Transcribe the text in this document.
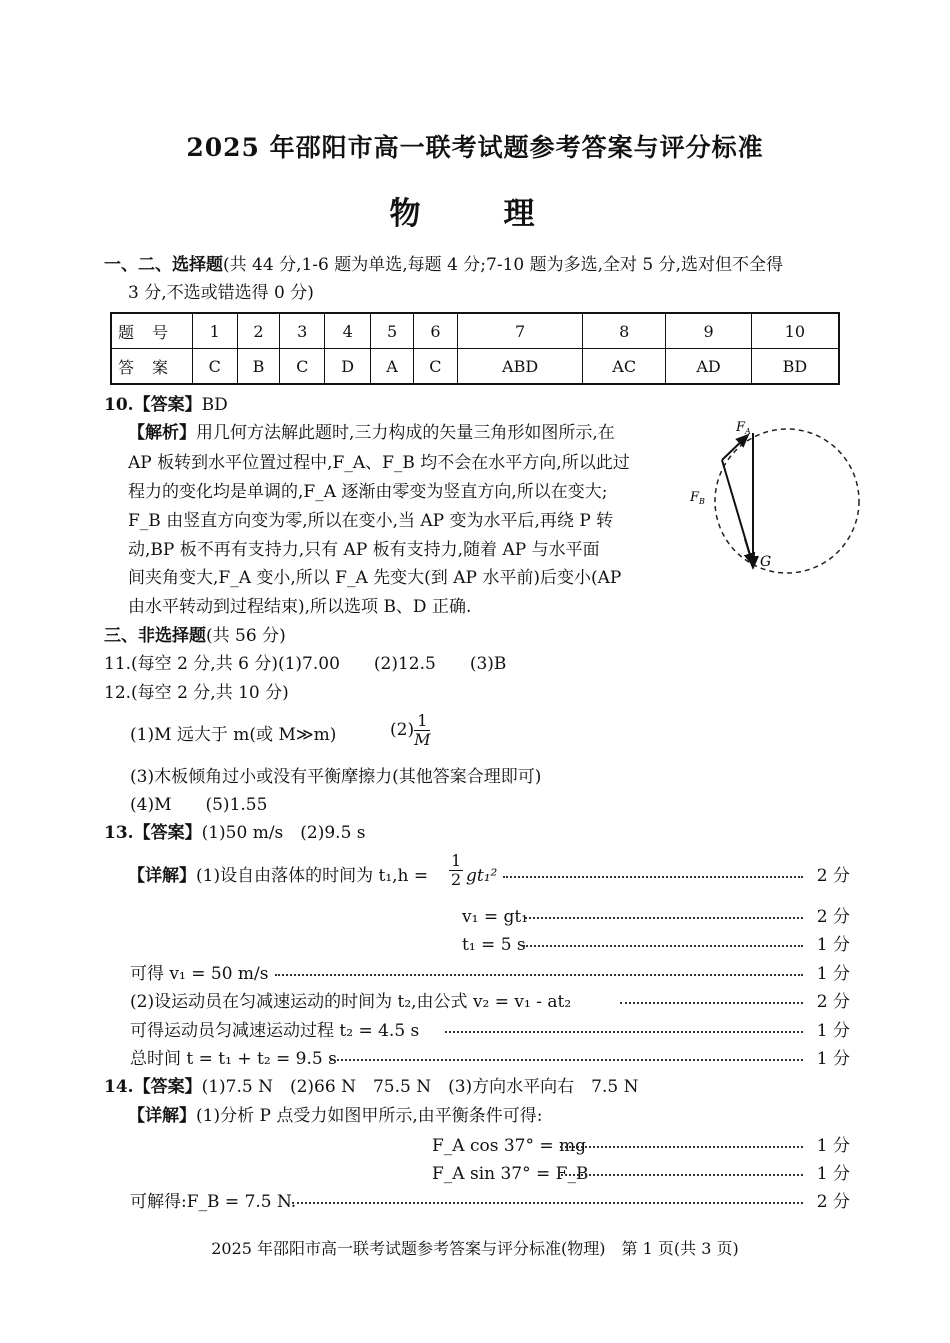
2025 年邵阳市高一联考试题参考答案与评分标准
物　理
一、二、选择题(共 44 分,1-6 题为单选,每题 4 分;7-10 题为多选,全对 5 分,选对但不全得
3 分,不选或错选得 0 分)
题号	1	2	3	4	5	6	7	8	9	10
答案	C	B	C	D	A	C	ABD	AC	AD	BD
10.【答案】BD
【解析】用几何方法解此题时,三力构成的矢量三角形如图所示,在
AP 板转到水平位置过程中,F_A、F_B 均不会在水平方向,所以此过
程力的变化均是单调的,F_A 逐渐由零变为竖直方向,所以在变大;
F_B 由竖直方向变为零,所以在变小,当 AP 变为水平后,再绕 P 转
动,BP 板不再有支持力,只有 AP 板有支持力,随着 AP 与水平面
间夹角变大,F_A 变小,所以 F_A 先变大(到 AP 水平前)后变小(AP
由水平转动到过程结束),所以选项 B、D 正确.
$F_A$
$F_B$
G
三、非选择题(共 56 分)
11.(每空 2 分,共 6 分)(1)7.00　　(2)12.5　　(3)B
12.(每空 2 分,共 10 分)
(1)M 远大于 m(或 M≫m)	$(2) \frac{1}{M}$
(3)木板倾角过小或没有平衡摩擦力(其他答案合理即可)
(4)M　　(5)1.55
13.【答案】(1)50 m/s　(2)9.5 s
【详解】(1)设自由落体的时间为 $t_1,h = \frac{1}{2} gt_1^2$	2 分
v₁ = gt₁	2 分
t₁ = 5 s	1 分
可得 v₁ = 50 m/s	1 分
(2)设运动员在匀减速运动的时间为 t₂,由公式 v₂ = v₁ - at₂	2 分
可得运动员匀减速运动过程 t₂ = 4.5 s	1 分
总时间 t = t₁ + t₂ = 9.5 s	1 分
14.【答案】(1)7.5 N　(2)66 N　75.5 N　(3)方向水平向右　7.5 N
【详解】(1)分析 P 点受力如图甲所示,由平衡条件可得:
F_A cos 37° = mg	1 分
F_A sin 37° = F_B	1 分
可解得:F_B = 7.5 N.	2 分
2025 年邵阳市高一联考试题参考答案与评分标准(物理)　第 1 页(共 3 页)
